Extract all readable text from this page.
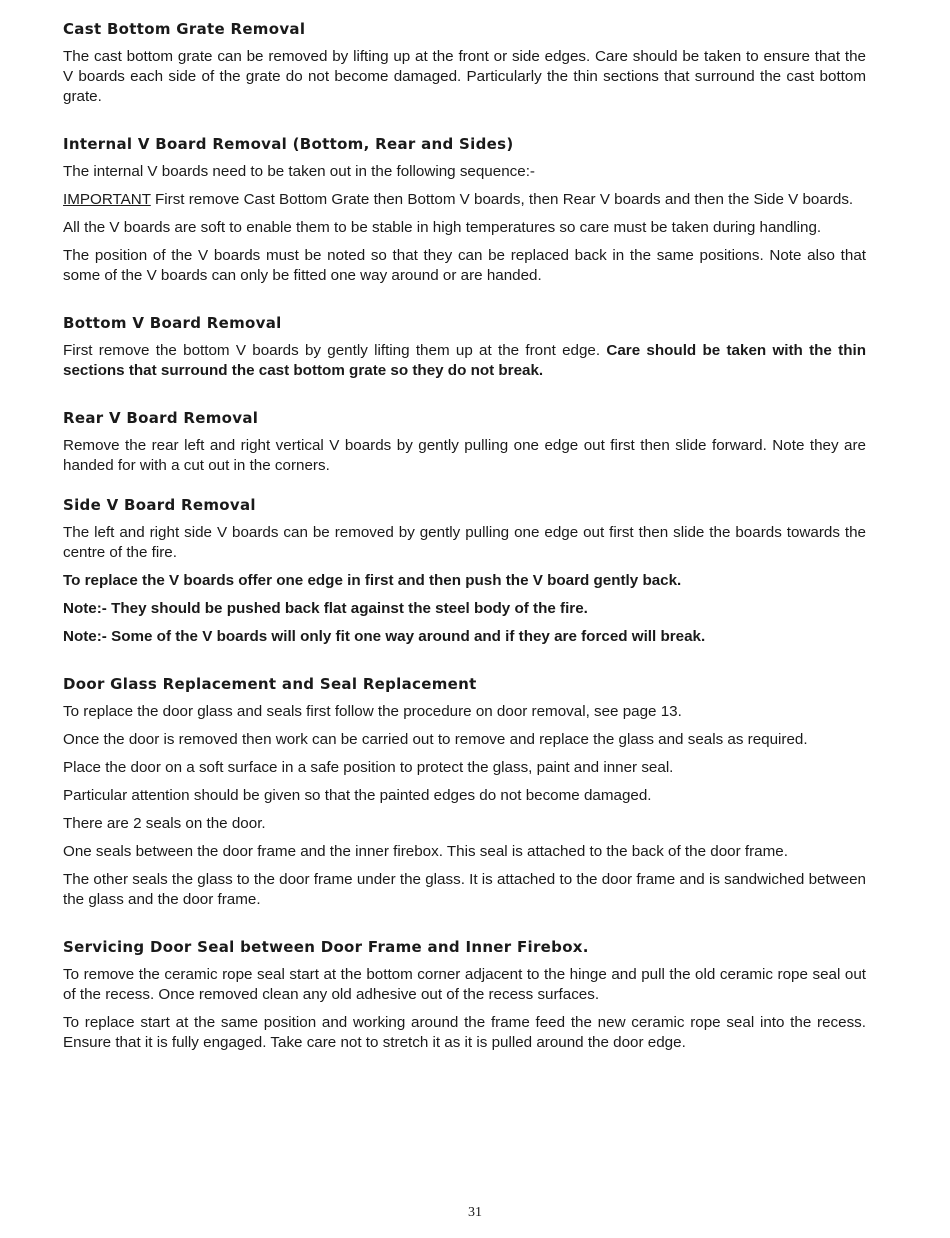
Cast Bottom Grate Removal

The cast bottom grate can be removed by lifting up at the front or side edges. Care should be taken to ensure that the V boards each side of the grate do not become damaged. Particularly the thin sections that surround the cast bottom grate.

Internal V Board Removal (Bottom, Rear and Sides)

The internal V boards need to be taken out in the following sequence:-

IMPORTANT First remove Cast Bottom Grate then Bottom V boards, then Rear V boards and then the Side V boards.

All the V boards are soft to enable them to be stable in high temperatures so care must be taken during handling.

The position of the V boards must be noted so that they can be replaced back in the same positions. Note also that some of the V boards can only be fitted one way around or are handed.

Bottom V Board Removal

First remove the bottom V boards by gently lifting them up at the front edge. Care should be taken with the thin sections that surround the cast bottom grate so they do not break.

Rear V Board Removal

Remove the rear left and right vertical V boards by gently pulling one edge out first then slide forward. Note they are handed for with a cut out in the corners.

Side V Board Removal

The left and right side V boards can be removed by gently pulling one edge out first then slide the boards towards the centre of the fire.

To replace the V boards offer one edge in first and then push the V board gently back.

Note:- They should be pushed back flat against the steel body of the fire.

Note:- Some of the V boards will only fit one way around and if they are forced will break.

Door Glass Replacement and Seal Replacement

To replace the door glass and seals first follow the procedure on door removal, see page 13.

Once the door is removed then work can be carried out to remove and replace the glass and seals as required.

Place the door on a soft surface in a safe position to protect the glass, paint and inner seal.

Particular attention should be given so that the painted edges do not become damaged.

There are 2 seals on the door.

One seals between the door frame and the inner firebox. This seal is attached to the back of the door frame.

The other seals the glass to the door frame under the glass. It is attached to the door frame and is sandwiched between the glass and the door frame.

Servicing Door Seal between Door Frame and Inner Firebox.

To remove the ceramic rope seal start at the bottom corner adjacent to the hinge and pull the old ceramic rope seal out of the recess. Once removed clean any old adhesive out of the recess surfaces.

To replace start at the same position and working around the frame feed the new ceramic rope seal into the recess. Ensure that it is fully engaged. Take care not to stretch it as it is pulled around the door edge.

31
